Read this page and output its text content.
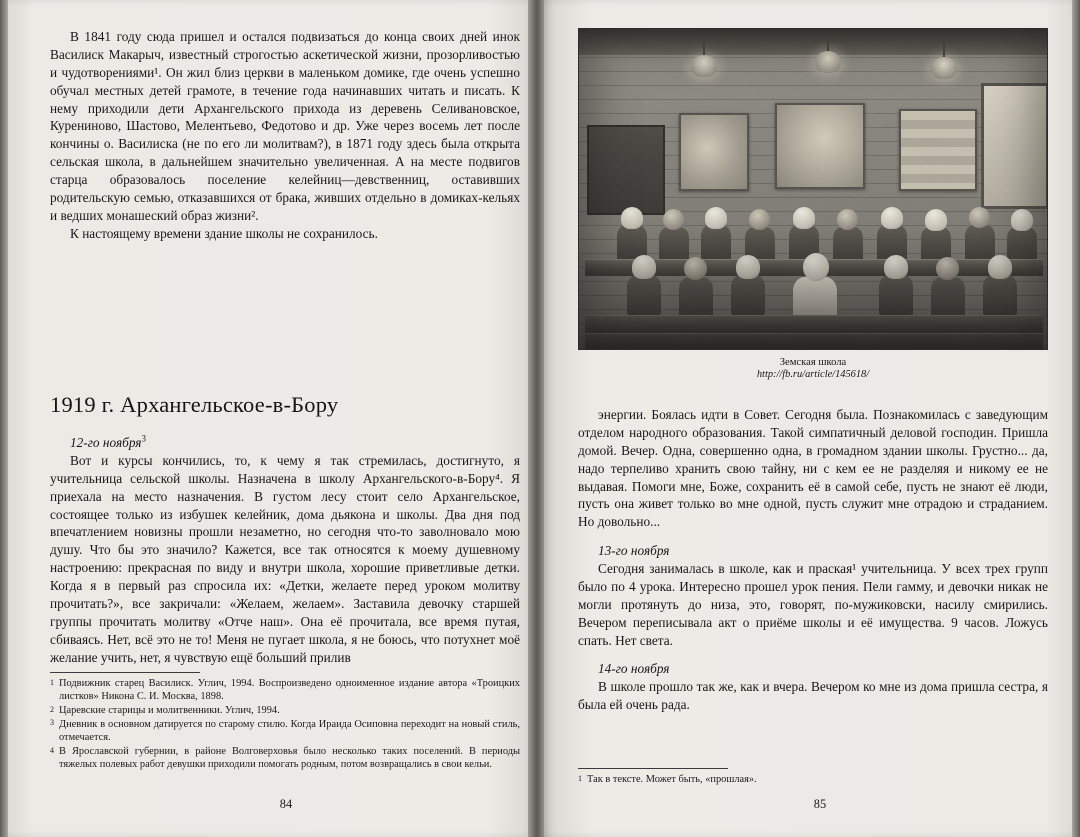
В 1841 году сюда пришел и остался подвизаться до конца своих дней инок Василиск Макарыч, известный строгостью аскетической жизни, прозорливостью и чудотворениями¹. Он жил близ церкви в маленьком домике, где очень успешно обучал местных детей грамоте, в течение года начинавших читать и писать. К нему приходили дети Архангельского прихода из деревень Селивановское, Курениново, Шастово, Мелентьево, Федотово и др. Уже через восемь лет после кончины о. Василиска (не по его ли молитвам?), в 1871 году здесь была открыта сельская школа, в дальнейшем значительно увеличенная. А на месте подвигов старца образовалось поселение келейниц—девственниц, оставивших родительскую семью, отказавшихся от брака, живших отдельно в домиках-кельях и ведших монашеский образ жизни².

К настоящему времени здание школы не сохранилось.

1919 г. Архангельское-в-Бору

12-го ноября$^3$

Вот и курсы кончились, то, к чему я так стремилась, достигнуто, я учительница сельской школы. Назначена в школу Архангельского-в-Бору⁴. Я приехала на место назначения. В густом лесу стоит село Архангельское, состоящее только из избушек келейник, дома дьякона и школы. Два дня под впечатлением новизны прошли незаметно, но сегодня что-то заволновало мою душу. Что бы это значило? Кажется, все так относятся к моему душевному настроению: прекрасная по виду и внутри школа, хорошие приветливые детки. Когда я в первый раз спросила их: «Детки, желаете перед уроком молитву прочитать?», все закричали: «Желаем, желаем». Заставила девочку старшей группы прочитать молитву «Отче наш». Она её прочитала, все время путая, сбиваясь. Нет, всё это не то! Меня не пугает школа, я не боюсь, что потухнет моё желание учить, нет, я чувствую ещё больший прилив

1 Подвижник старец Василиск. Углич, 1994. Воспроизведено одноименное издание автора «Троицких листков» Никона С. И. Москва, 1898.

2 Царевские старицы и молитвенники. Углич, 1994.

3 Дневник в основном датируется по старому стилю. Когда Ираида Осиповна переходит на новый стиль, отмечается.

4 В Ярославской губернии, в районе Волговерховья было несколько таких поселений. В периоды тяжелых полевых работ девушки приходили помогать родным, потом возвращались в свои кельи.

84
Земская школа
http://fb.ru/article/145618/

энергии. Боялась идти в Совет. Сегодня была. Познакомилась с заведующим отделом народного образования. Такой симпатичный деловой господин. Пришла домой. Вечер. Одна, совершенно одна, в громадном здании школы. Грустно... да, надо терпеливо хранить свою тайну, ни с кем ее не разделяя и никому ее не выдавая. Помоги мне, Боже, сохранить её в самой себе, пусть не знают её люди, пусть она живет только во мне одной, пусть служит мне отрадою и страданием. Но довольно...

13-го ноября

Сегодня занималась в школе, как и праская¹ учительница. У всех трех групп было по 4 урока. Интересно прошел урок пения. Пели гамму, и девочки никак не могли протянуть до низа, это, говорят, по-мужиковски, насилу смирились. Вечером переписывала акт о приёме школы и её имущества. 9 часов. Ложусь спать. Нет света.

14-го ноября

В школе прошло так же, как и вчера. Вечером ко мне из дома пришла сестра, я была ей очень рада.

1 Так в тексте. Может быть, «прошлая».

85
